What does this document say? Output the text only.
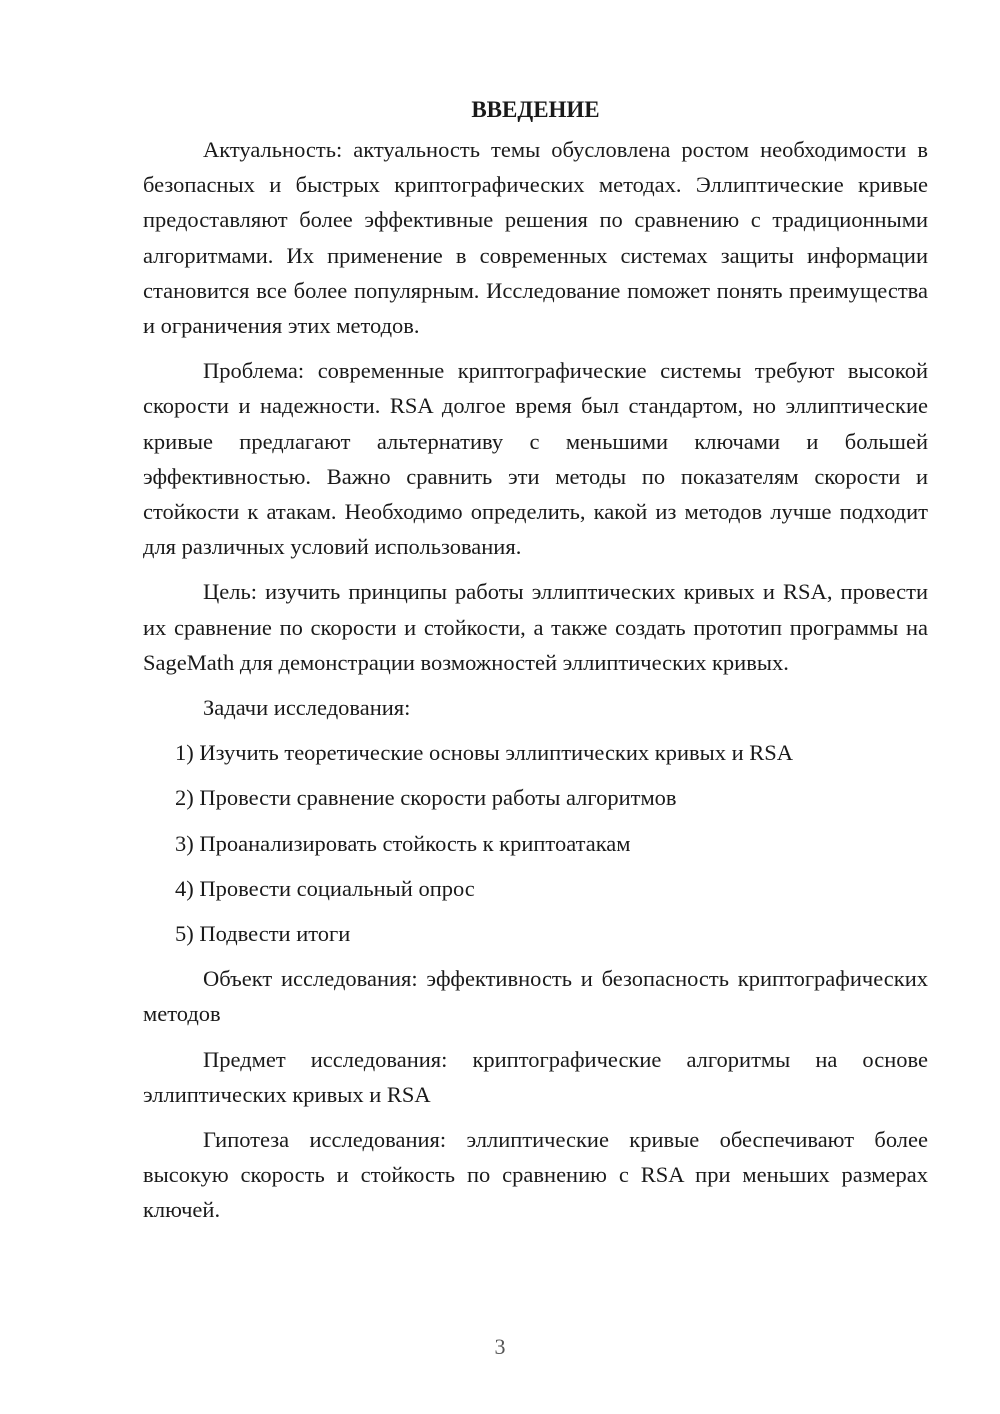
ВВЕДЕНИЕ

Актуальность: актуальность темы обусловлена ростом необходимости в безопасных и быстрых криптографических методах. Эллиптические кривые предоставляют более эффективные решения по сравнению с традиционными алгоритмами. Их применение в современных системах защиты информации становится все более популярным. Исследование поможет понять преимущества и ограничения этих методов.

Проблема: современные криптографические системы требуют высокой скорости и надежности. RSA долгое время был стандартом, но эллиптические кривые предлагают альтернативу с меньшими ключами и большей эффективностью. Важно сравнить эти методы по показателям скорости и стойкости к атакам. Необходимо определить, какой из методов лучше подходит для различных условий использования.

Цель: изучить принципы работы эллиптических кривых и RSA, провести их сравнение по скорости и стойкости, а также создать прототип программы на SageMath для демонстрации возможностей эллиптических кривых.

Задачи исследования:

1) Изучить теоретические основы эллиптических кривых и RSA
2) Провести сравнение скорости работы алгоритмов
3) Проанализировать стойкость к криптоатакам
4) Провести социальный опрос
5) Подвести итоги

Объект исследования: эффективность и безопасность криптографических методов

Предмет исследования: криптографические алгоритмы на основе эллиптических кривых и RSA

Гипотеза исследования: эллиптические кривые обеспечивают более высокую скорость и стойкость по сравнению с RSA при меньших размерах ключей.

3
